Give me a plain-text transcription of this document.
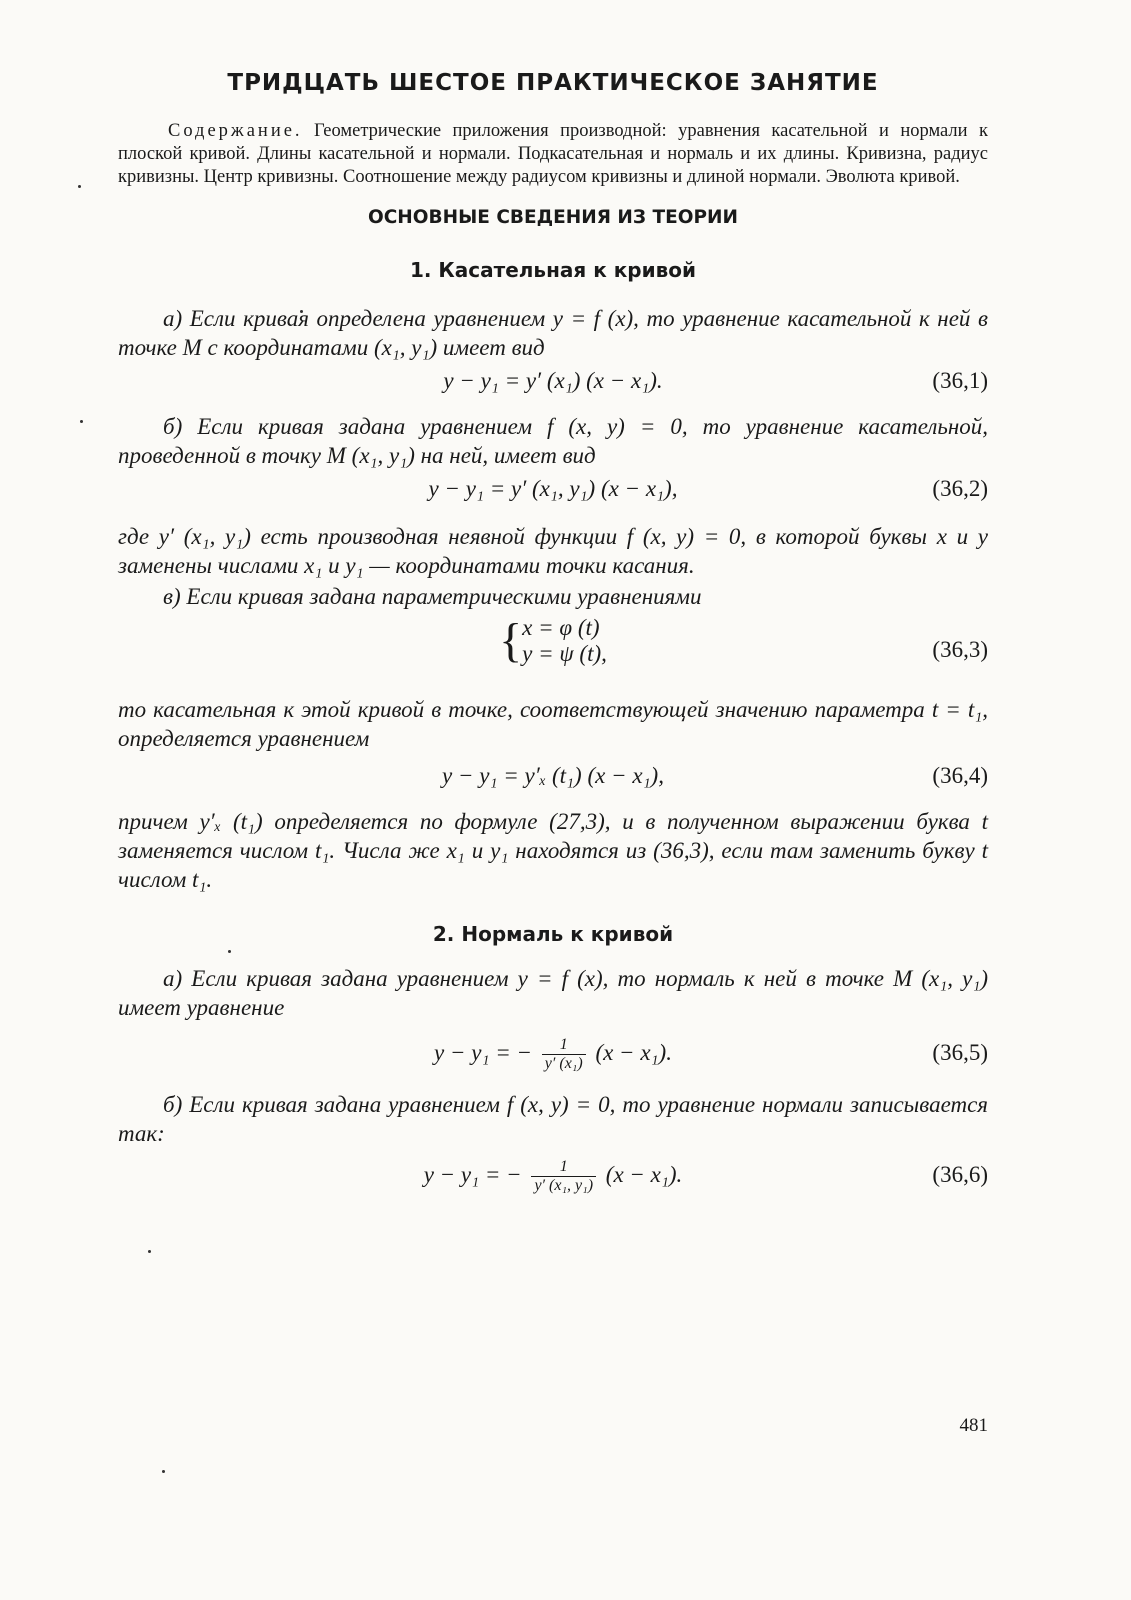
ТРИДЦАТЬ ШЕСТОЕ ПРАКТИЧЕСКОЕ ЗАНЯТИЕ

Содержание. Геометрические приложения производной: уравнения касательной и нормали к плоской кривой. Длины касательной и нормали. Подкасательная и нормаль и их длины. Кривизна, радиус кривизны. Центр кривизны. Соотношение между радиусом кривизны и длиной нормали. Эволюта кривой.

ОСНОВНЫЕ СВЕДЕНИЯ ИЗ ТЕОРИИ
1. Касательная к кривой

а) Если кривая определена уравнением y = f (x), то уравнение касательной к ней в точке M с координатами (x₁, y₁) имеет вид

y − y₁ = y′ (x₁) (x − x₁).	(36,1)

б) Если кривая задана уравнением f (x, y) = 0, то уравнение касательной, проведенной в точку M (x₁, y₁) на ней, имеет вид

y − y₁ = y′ (x₁, y₁) (x − x₁),	(36,2)

где y′ (x₁, y₁) есть производная неявной функции f (x, y) = 0, в которой буквы x и y заменены числами x₁ и y₁ — координатами точки касания.

в) Если кривая задана параметрическими уравнениями

{ x = φ (t)
y = ψ (t),	(36,3)

то касательная к этой кривой в точке, соответствующей значению параметра t = t₁, определяется уравнением

y − y₁ = y′ₓ (t₁) (x − x₁),	(36,4)

причем y′ₓ (t₁) определяется по формуле (27,3), и в полученном выражении буква t заменяется числом t₁. Числа же x₁ и y₁ находятся из (36,3), если там заменить букву t числом t₁.

2. Нормаль к кривой

а) Если кривая задана уравнением y = f (x), то нормаль к ней в точке M (x₁, y₁) имеет уравнение

y − y₁ = − $\frac{1}{\text{y′ (x₁)}} (x - x_1)$.	(36,5)

б) Если кривая задана уравнением f (x, y) = 0, то уравнение нормали записывается так:

y − y₁ = − $\frac{1}{\text{y′ (x₁, y₁)}} (x - x_1)$.	(36,6)
481
